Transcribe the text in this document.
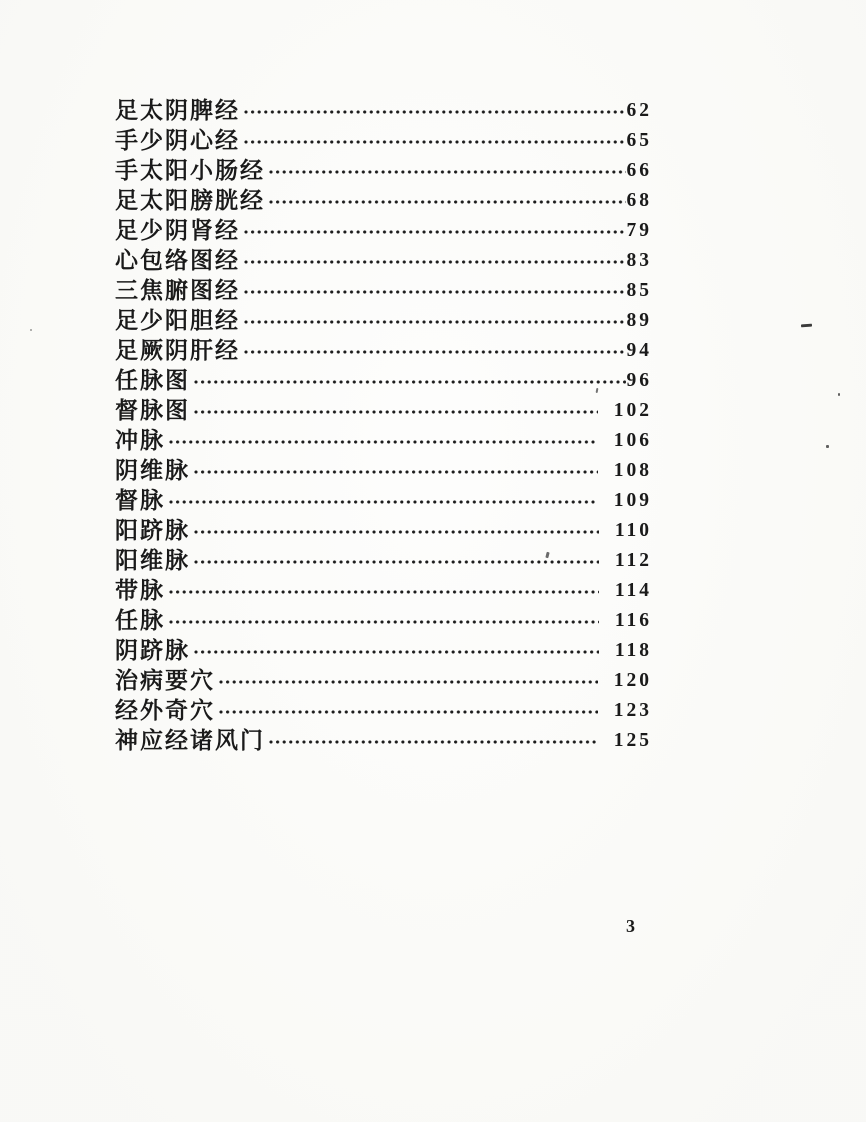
足太阴脾经	62
手少阴心经	65
手太阳小肠经	66
足太阳膀胱经	68
足少阴肾经	79
心包络图经	83
三焦腑图经	85
足少阳胆经	89
足厥阴肝经	94
任脉图	96
督脉图	102
冲脉	106
阴维脉	108
督脉	109
阳跻脉	110
阳维脉	112
带脉	114
任脉	116
阴跻脉	118
治病要穴	120
经外奇穴	123
神应经诸风门	125
3
